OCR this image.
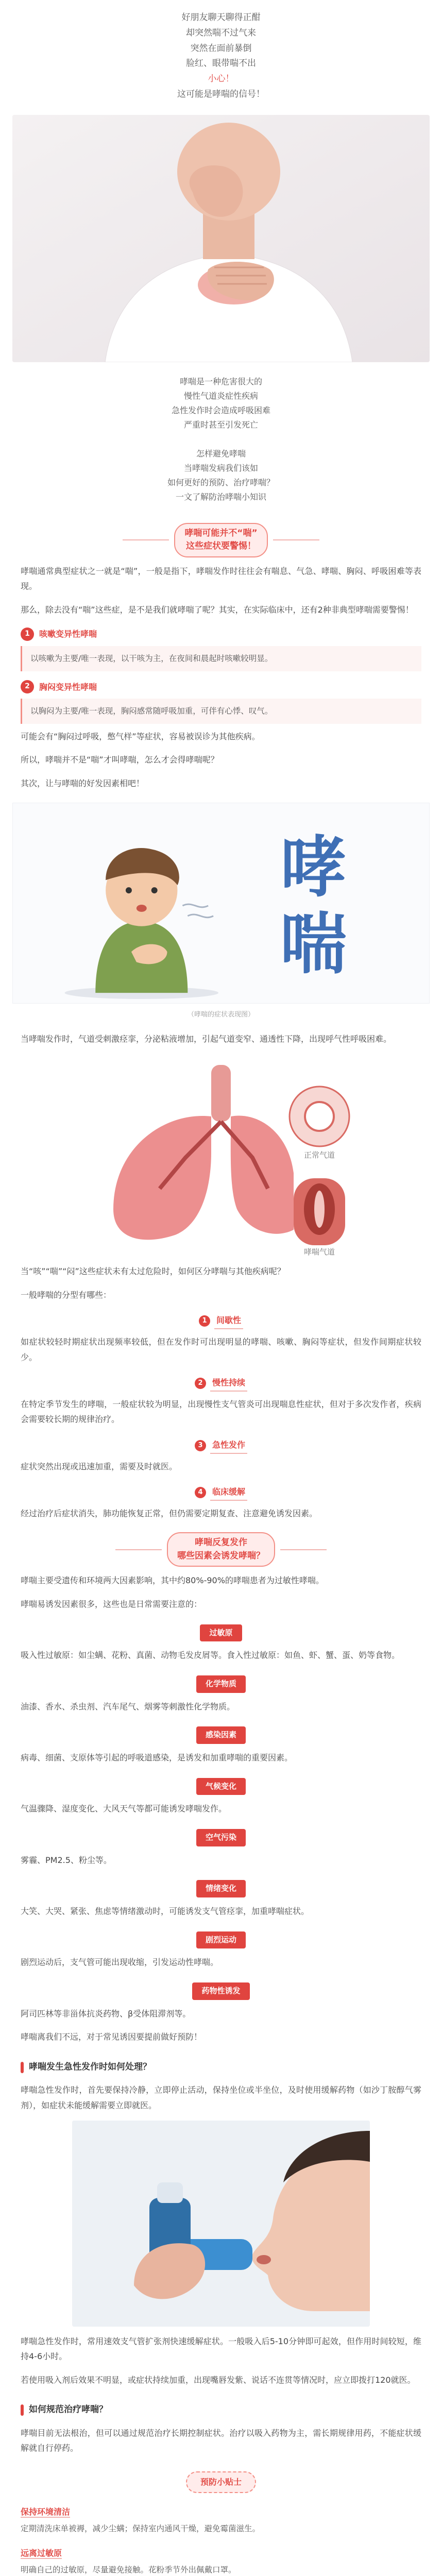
好朋友聊天聊得正酣

却突然喘不过气来

突然在面前暴倒

脸红、眼带喘不出

小心！

这可能是哮喘的信号！

哮喘是一种危害很大的

慢性气道炎症性疾病

急性发作时会造成呼吸困难

严重时甚至引发死亡

怎样避免哮喘

当哮喘发病我们该如

如何更好的预防、治疗哮喘？

一文了解防治哮喘小知识

哮喘可能并不“喘”
这些症状要警惕！

哮喘通常典型症状之一就是“喘”，一般是指下，哮喘发作时往往会有喘息、气急、哮喘、胸闷、呼吸困难等表现。

那么，除去没有“喘”这些症，是不是我们就哮喘了呢？其实，在实际临床中，还有2种非典型哮喘需要警惕！

1	咳嗽变异性哮喘
以咳嗽为主要/唯一表现，以干咳为主，在夜间和晨起时咳嗽较明显。
2	胸闷变异性哮喘
以胸闷为主要/唯一表现，胸闷感常随呼吸加重，可伴有心悸、叹气。

可能会有“胸闷过呼吸，憋气样”等症状，容易被误诊为其他疾病。

所以，哮喘并不是“喘”才叫哮喘，怎么才会得哮喘呢？

其次，让与哮喘的好发因素相吧！

哮
喘
（哮喘的症状表现图）

当哮喘发作时，气道受刺激痉挛，分泌粘液增加，引起气道变窄、通透性下降，出现呼气性呼吸困难。

正常气道
哮喘气道

当“咳”“喘”“闷”这些症状未有太过危险时，如何区分哮喘与其他疾病呢？

一般哮喘的分型有哪些：

1	间歇性

如症状较轻时期症状出现频率较低，但在发作时可出现明显的哮喘、咳嗽、胸闷等症状，但发作间期症状较少。

2	慢性持续

在特定季节发生的哮喘，一般症状较为明显，出现慢性支气管炎可出现喘息性症状，但对于多次发作者，疾病会需要较长期的规律治疗。

3	急性发作

症状突然出现或迅速加重，需要及时就医。

4	临床缓解

经过治疗后症状消失，肺功能恢复正常，但仍需要定期复查、注意避免诱发因素。

哮喘反复发作
哪些因素会诱发哮喘？

哮喘主要受遗传和环境两大因素影响，其中约80%-90%的哮喘患者为过敏性哮喘。

哮喘易诱发因素很多，这些也是日常需要注意的：

过敏原

吸入性过敏原：如尘螨、花粉、真菌、动物毛发皮屑等。食入性过敏原：如鱼、虾、蟹、蛋、奶等食物。

化学物质

油漆、香水、杀虫剂、汽车尾气、烟雾等刺激性化学物质。

感染因素

病毒、细菌、支原体等引起的呼吸道感染，是诱发和加重哮喘的重要因素。

气候变化

气温骤降、湿度变化、大风天气等都可能诱发哮喘发作。

空气污染

雾霾、PM2.5、粉尘等。

情绪变化

大笑、大哭、紧张、焦虑等情绪激动时，可能诱发支气管痉挛，加重哮喘症状。

剧烈运动

剧烈运动后，支气管可能出现收缩，引发运动性哮喘。

药物性诱发

阿司匹林等非甾体抗炎药物、β受体阻滞剂等。

哮喘离我们不远，对于常见诱因要提前做好预防！

哮喘发生急性发作时如何处理？

哮喘急性发作时，首先要保持冷静，立即停止活动，保持坐位或半坐位，及时使用缓解药物（如沙丁胺醇气雾剂），如症状未能缓解需要立即就医。

哮喘急性发作时，常用速效支气管扩张剂快速缓解症状。一般吸入后5-10分钟即可起效，但作用时间较短，维持4-6小时。

若使用吸入剂后效果不明显，或症状持续加重，出现嘴唇发紫、说话不连贯等情况时，应立即拨打120就医。

如何规范治疗哮喘？

哮喘目前无法根治，但可以通过规范治疗长期控制症状。治疗以吸入药物为主，需长期规律用药，不能症状缓解就自行停药。

预防小贴士
保持环境清洁

定期清洗床单被褥，减少尘螨；保持室内通风干燥，避免霉菌滋生。

远离过敏原

明确自己的过敏原，尽量避免接触。花粉季节外出佩戴口罩。
